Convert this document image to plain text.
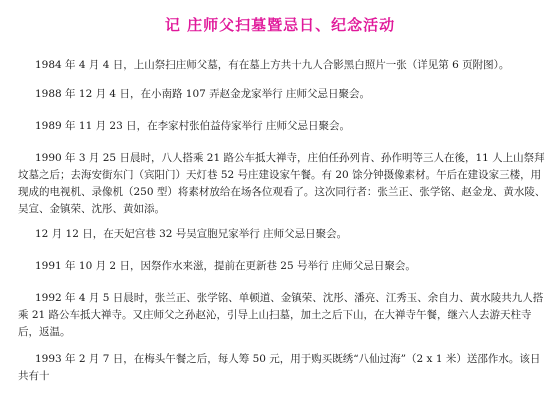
记 庄师父扫墓暨忌日、纪念活动
1984 年 4 月 4 日，上山祭扫庄师父墓，有在墓上方共十九人合影黑白照片一张（详见第 6 页附图）。
1988 年 12 月 4 日，在小南路 107 弄赵金龙家举行 庄师父忌日聚会。
1989 年 11 月 23 日，在李家村张伯益侍家举行 庄师父忌日聚会。
1990 年 3 月 25 日晨时，八人搭乘 21 路公车抵大禅寺，庄伯任孙列肯、孙作明等三人在後，11 人上山祭拜坟墓之后；去海安街东门（宾阳门）天灯巷 52 号庄建设家午餐。有 20 馀分钟摄像素材。午后在建设家三楼，用现成的电视机、录像机（250 型）将素材放给在场各位观看了。这次同行者：张兰正、张学铭、赵金龙、黄水陵、吴宣、金镇荣、沈彤、黄如添。
12 月 12 日，在天妃宫巷 32 号吴宣胞兄家举行 庄师父忌日聚会。
1991 年 10 月 2 日，因祭作水来滋，提前在更新巷 25 号举行 庄师父忌日聚会。
1992 年 4 月 5 日晨时，张兰正、张学铭、单顿道、金镇荣、沈彤、潘亮、江秀玉、余自力、黄水陵共九人搭乘 21 路公车抵大禅寺。又庄师父之孙赵沁，引导上山扫墓，加土之后下山，在大禅寺午餐，继六人去游天柱寺后，返温。
1993 年 2 月 7 日，在梅头午餐之后，每人筹 50 元，用于购买既绣“八仙过海”（2 x 1 米）送邵作水。该日共有十
